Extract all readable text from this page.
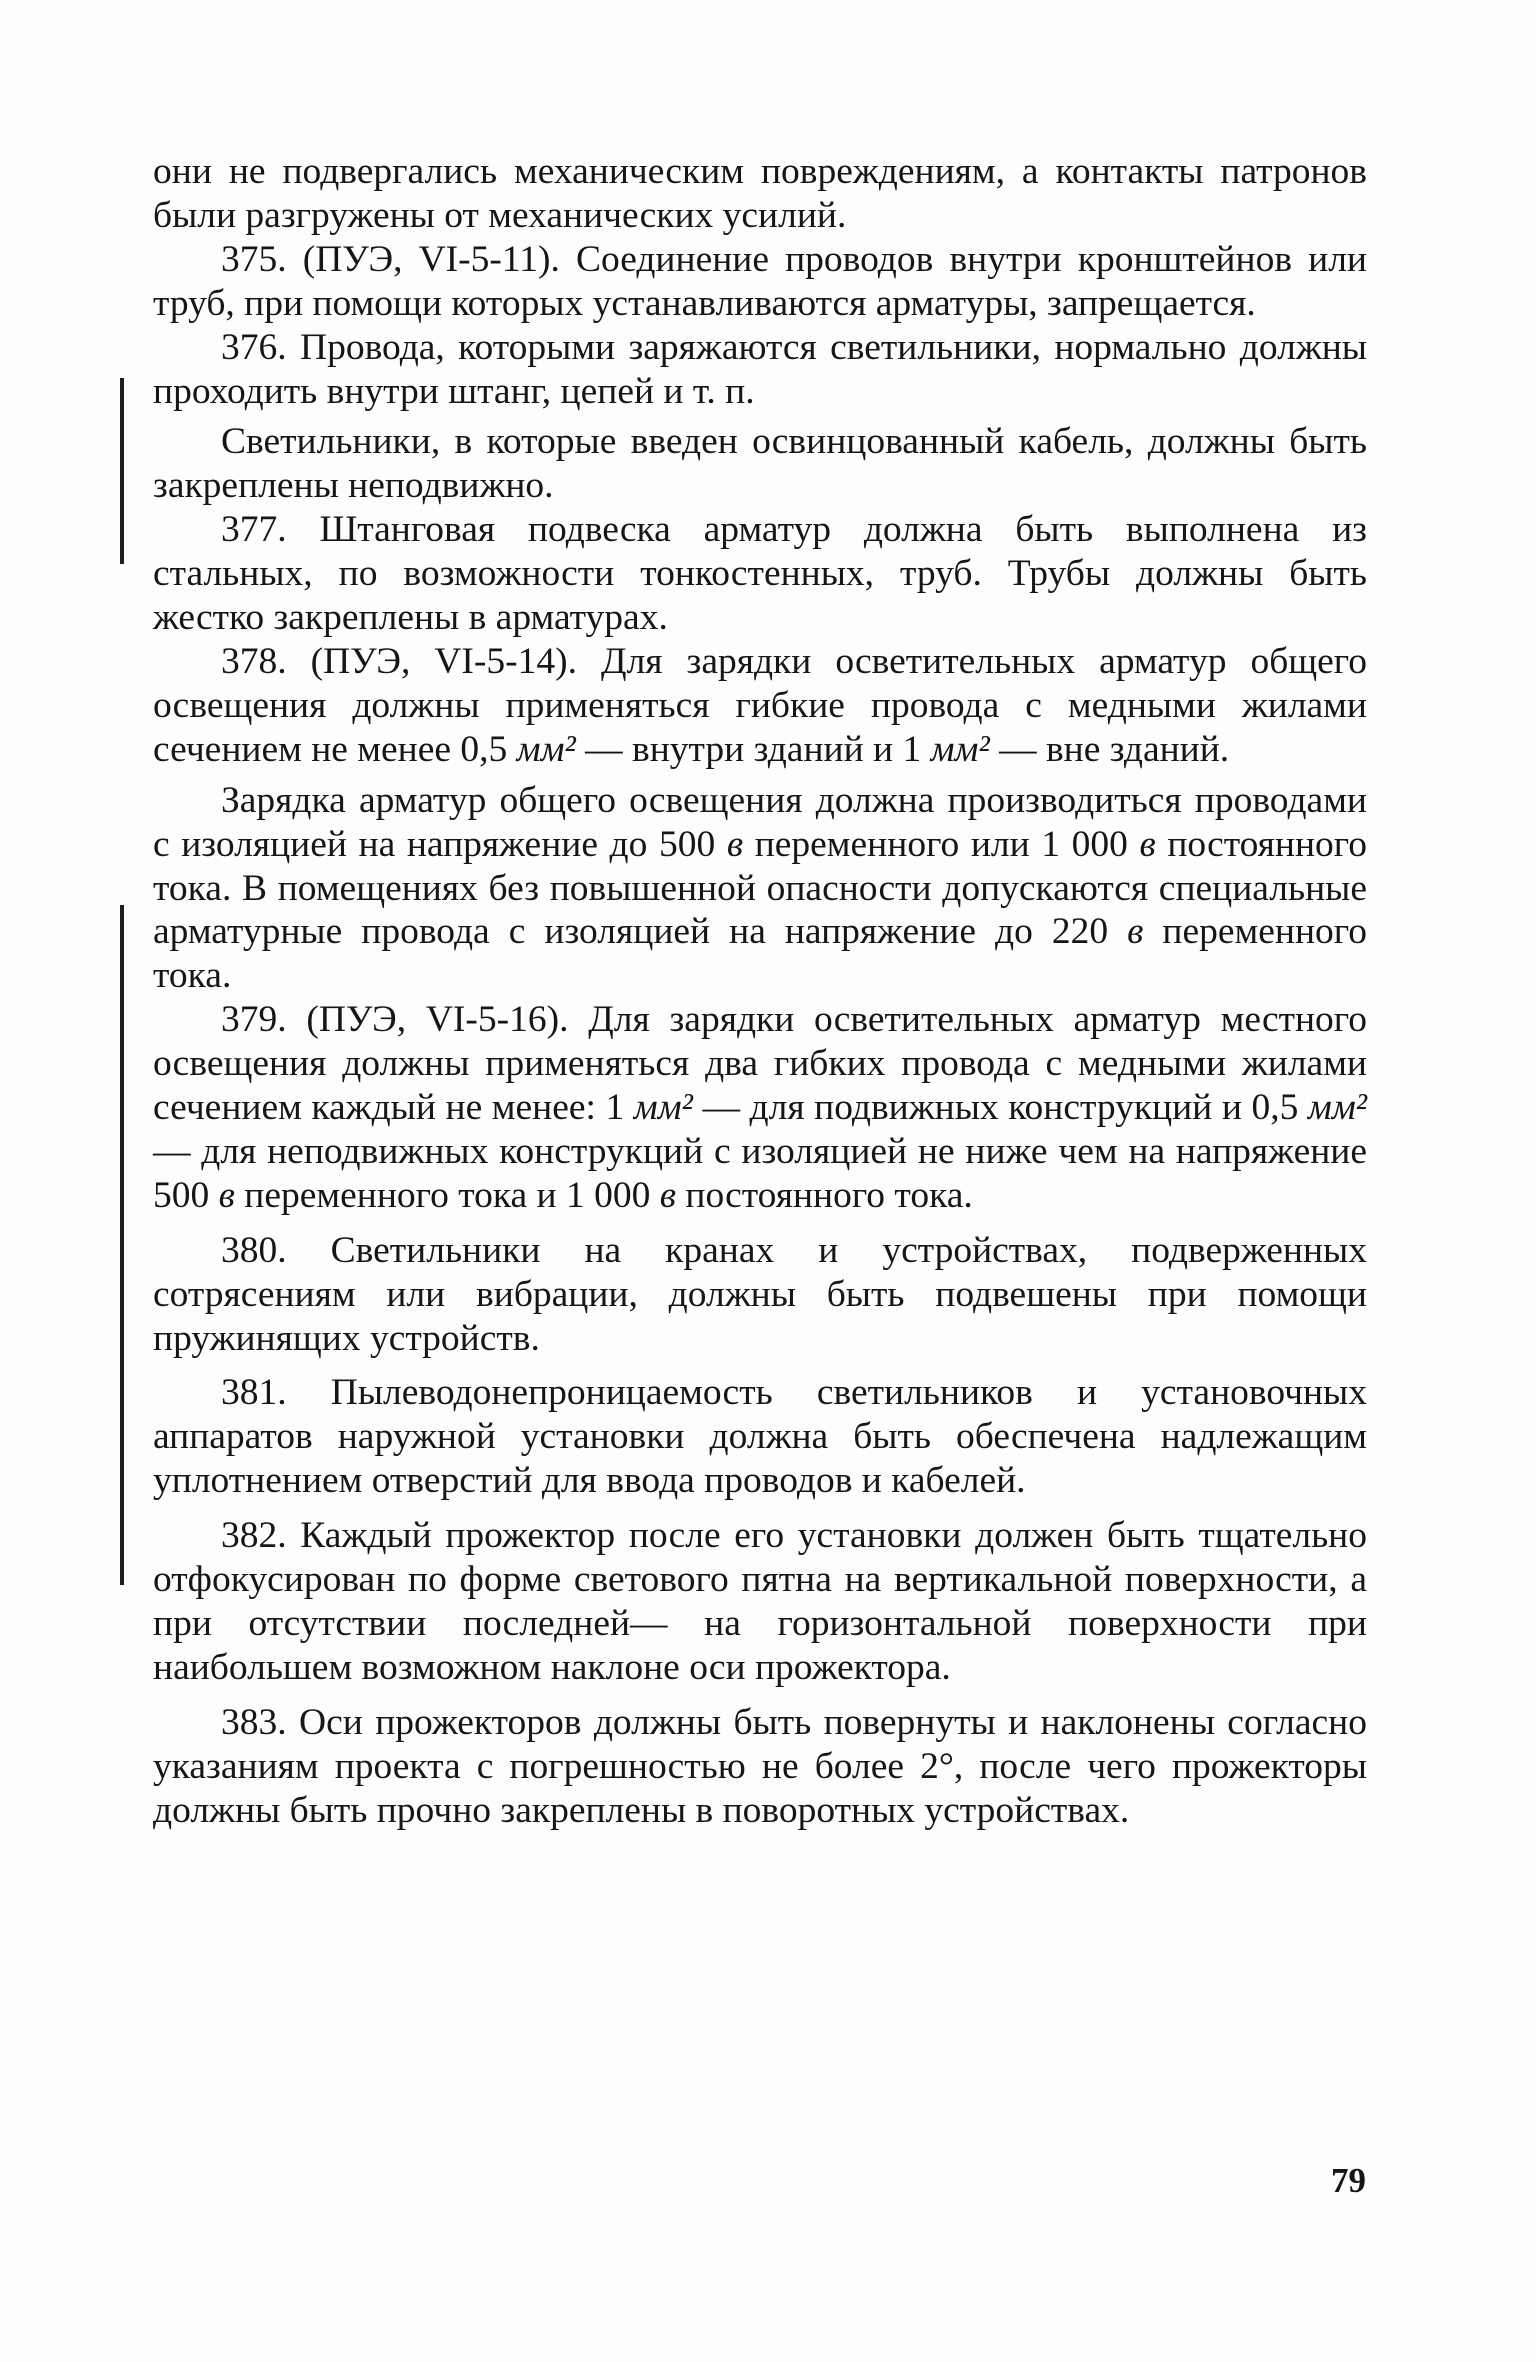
они не подвергались механическим повреждениям, а контакты патронов были разгружены от механических усилий.

375. (ПУЭ, VI-5-11). Соединение проводов внутри кронштейнов или труб, при помощи которых устанавливаются арматуры, запрещается.

376. Провода, которыми заряжаются светильники, нормально должны проходить внутри штанг, цепей и т. п.

Светильники, в которые введен освинцованный кабель, должны быть закреплены неподвижно.

377. Штанговая подвеска арматур должна быть выполнена из стальных, по возможности тонкостенных, труб. Трубы должны быть жестко закреплены в арматурах.

378. (ПУЭ, VI-5-14). Для зарядки осветительных арматур общего освещения должны применяться гибкие провода с медными жилами сечением не менее 0,5 мм² — внутри зданий и 1 мм² — вне зданий.

Зарядка арматур общего освещения должна производиться проводами с изоляцией на напряжение до 500 в переменного или 1 000 в постоянного тока. В помещениях без повышенной опасности допускаются специальные арматурные провода с изоляцией на напряжение до 220 в переменного тока.

379. (ПУЭ, VI-5-16). Для зарядки осветительных арматур местного освещения должны применяться два гибких провода с медными жилами сечением каждый не менее: 1 мм² — для подвижных конструкций и 0,5 мм² — для неподвижных конструкций с изоляцией не ниже чем на напряжение 500 в переменного тока и 1 000 в постоянного тока.

380. Светильники на кранах и устройствах, подверженных сотрясениям или вибрации, должны быть подвешены при помощи пружинящих устройств.

381. Пылеводонепроницаемость светильников и установочных аппаратов наружной установки должна быть обеспечена надлежащим уплотнением отверстий для ввода проводов и кабелей.

382. Каждый прожектор после его установки должен быть тщательно отфокусирован по форме светового пятна на вертикальной поверхности, а при отсутствии последней— на горизонтальной поверхности при наибольшем возможном наклоне оси прожектора.

383. Оси прожекторов должны быть повернуты и наклонены согласно указаниям проекта с погрешностью не более 2°, после чего прожекторы должны быть прочно закреплены в поворотных устройствах.

79
